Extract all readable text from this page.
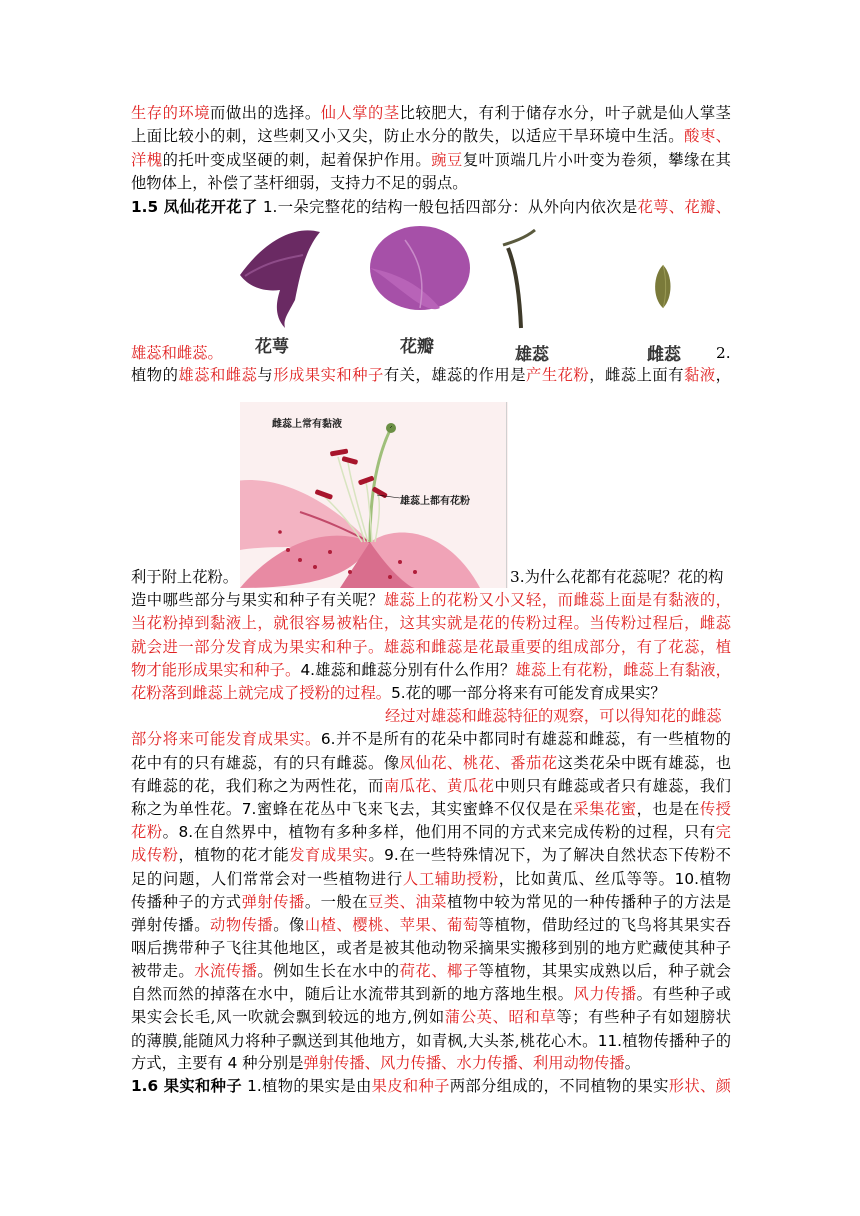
生存的环境而做出的选择。仙人掌的茎比较肥大，有利于储存水分，叶子就是仙人掌茎
上面比较小的刺，这些刺又小又尖，防止水分的散失，以适应干旱环境中生活。酸枣、
洋槐的托叶变成坚硬的刺，起着保护作用。豌豆复叶顶端几片小叶变为卷须，攀缘在其
他物体上，补偿了茎杆细弱，支持力不足的弱点。
1.5 凤仙花开花了 1.一朵完整花的结构一般包括四部分：从外向内依次是花萼、花瓣、
雄蕊和雌蕊。
植物的雄蕊和雌蕊与形成果实和种子有关，雄蕊的作用是产生花粉，雌蕊上面有黏液，
利于附上花粉。
造中哪些部分与果实和种子有关呢？雄蕊上的花粉又小又轻，而雌蕊上面是有黏液的，
当花粉掉到黏液上，就很容易被粘住，这其实就是花的传粉过程。当传粉过程后，雌蕊
就会进一部分发育成为果实和种子。雄蕊和雌蕊是花最重要的组成部分，有了花蕊，植
物才能形成果实和种子。4.雄蕊和雌蕊分别有什么作用？雄蕊上有花粉，雌蕊上有黏液，
花粉落到雌蕊上就完成了授粉的过程。5.花的哪一部分将来有可能发育成果实？
经过对雄蕊和雌蕊特征的观察，可以得知花的雌蕊
部分将来可能发育成果实。6.并不是所有的花朵中都同时有雄蕊和雌蕊，有一些植物的
花中有的只有雄蕊，有的只有雌蕊。像凤仙花、桃花、番茄花这类花朵中既有雄蕊，也
有雌蕊的花，我们称之为两性花，而南瓜花、黄瓜花中则只有雌蕊或者只有雄蕊，我们
称之为单性花。7.蜜蜂在花丛中飞来飞去，其实蜜蜂不仅仅是在采集花蜜，也是在传授
花粉。8.在自然界中，植物有多种多样，他们用不同的方式来完成传粉的过程，只有完
成传粉，植物的花才能发育成果实。9.在一些特殊情况下，为了解决自然状态下传粉不
足的问题，人们常常会对一些植物进行人工辅助授粉，比如黄瓜、丝瓜等等。10.植物
传播种子的方式弹射传播。一般在豆类、油菜植物中较为常见的一种传播种子的方法是
弹射传播。动物传播。像山楂、樱桃、苹果、葡萄等植物，借助经过的飞鸟将其果实吞
咽后携带种子飞往其他地区，或者是被其他动物采摘果实搬移到别的地方贮藏使其种子
被带走。水流传播。例如生长在水中的荷花、椰子等植物，其果实成熟以后，种子就会
自然而然的掉落在水中，随后让水流带其到新的地方落地生根。风力传播。有些种子或
果实会长毛,风一吹就会飘到较远的地方,例如蒲公英、昭和草等；有些种子有如翅膀状
的薄膜,能随风力将种子飘送到其他地方，如青枫,大头茶,桃花心木。11.植物传播种子的
方式，主要有 4 种分别是弹射传播、风力传播、水力传播、利用动物传播。
1.6 果实和种子 1.植物的果实是由果皮和种子两部分组成的，不同植物的果实形状、颜
2.
3.为什么花都有花蕊呢？花的构
花萼	花瓣	雄蕊	雌蕊
雌蕊上常有黏液
雄蕊上都有花粉
